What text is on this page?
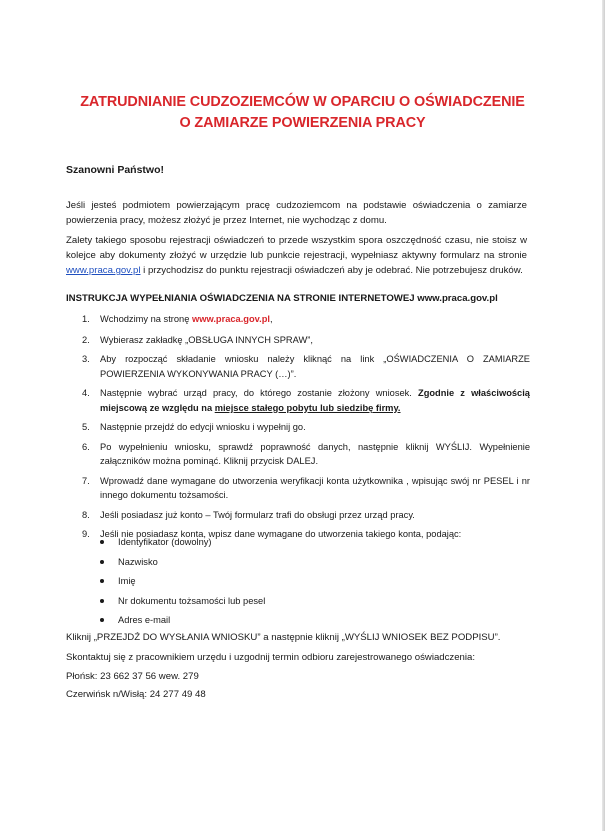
ZATRUDNIANIE CUDZOZIEMCÓW W OPARCIU O OŚWIADCZENIE
O ZAMIARZE POWIERZENIA PRACY
Szanowni Państwo!
Jeśli jesteś podmiotem powierzającym pracę cudzoziemcom na podstawie oświadczenia o zamiarze powierzenia pracy, możesz złożyć je przez Internet, nie wychodząc z domu.
Zalety takiego sposobu rejestracji oświadczeń to przede wszystkim spora oszczędność czasu, nie stoisz w kolejce aby dokumenty złożyć w urzędzie lub punkcie rejestracji, wypełniasz aktywny formularz na stronie www.praca.gov.pl i przychodzisz do punktu rejestracji oświadczeń aby je odebrać. Nie potrzebujesz druków.
INSTRUKCJA WYPEŁNIANIA OŚWIADCZENIA NA STRONIE INTERNETOWEJ www.praca.gov.pl
1. Wchodzimy na stronę www.praca.gov.pl,
2. Wybierasz zakładkę „OBSŁUGA INNYCH SPRAW”,
3. Aby rozpocząć składanie wniosku należy kliknąć na link „OŚWIADCZENIA O ZAMIARZE POWIERZENIA WYKONYWANIA PRACY (…)”.
4. Następnie wybrać urząd pracy, do którego zostanie złożony wniosek. Zgodnie z właściwością miejscową ze względu na miejsce stałego pobytu lub siedzibę firmy.
5. Następnie przejdź do edycji wniosku i wypełnij go.
6. Po wypełnieniu wniosku, sprawdź poprawność danych, następnie kliknij WYŚLIJ. Wypełnienie załączników można pominąć. Kliknij przycisk DALEJ.
7. Wprowadź dane wymagane do utworzenia weryfikacji konta użytkownika , wpisując swój nr PESEL i nr innego dokumentu tożsamości.
8. Jeśli posiadasz już konto – Twój formularz trafi do obsługi przez urząd pracy.
9. Jeśli nie posiadasz konta, wpisz dane wymagane do utworzenia takiego konta, podając:
Identyfikator (dowolny)
Nazwisko
Imię
Nr dokumentu tożsamości lub pesel
Adres e-mail
Kliknij „PRZEJDŹ DO WYSŁANIA WNIOSKU” a następnie kliknij „WYŚLIJ WNIOSEK BEZ PODPISU”.
Skontaktuj się z pracownikiem urzędu i uzgodnij termin odbioru zarejestrowanego oświadczenia:
Płońsk: 23 662 37 56 wew. 279
Czerwińsk n/Wisłą: 24 277 49 48
